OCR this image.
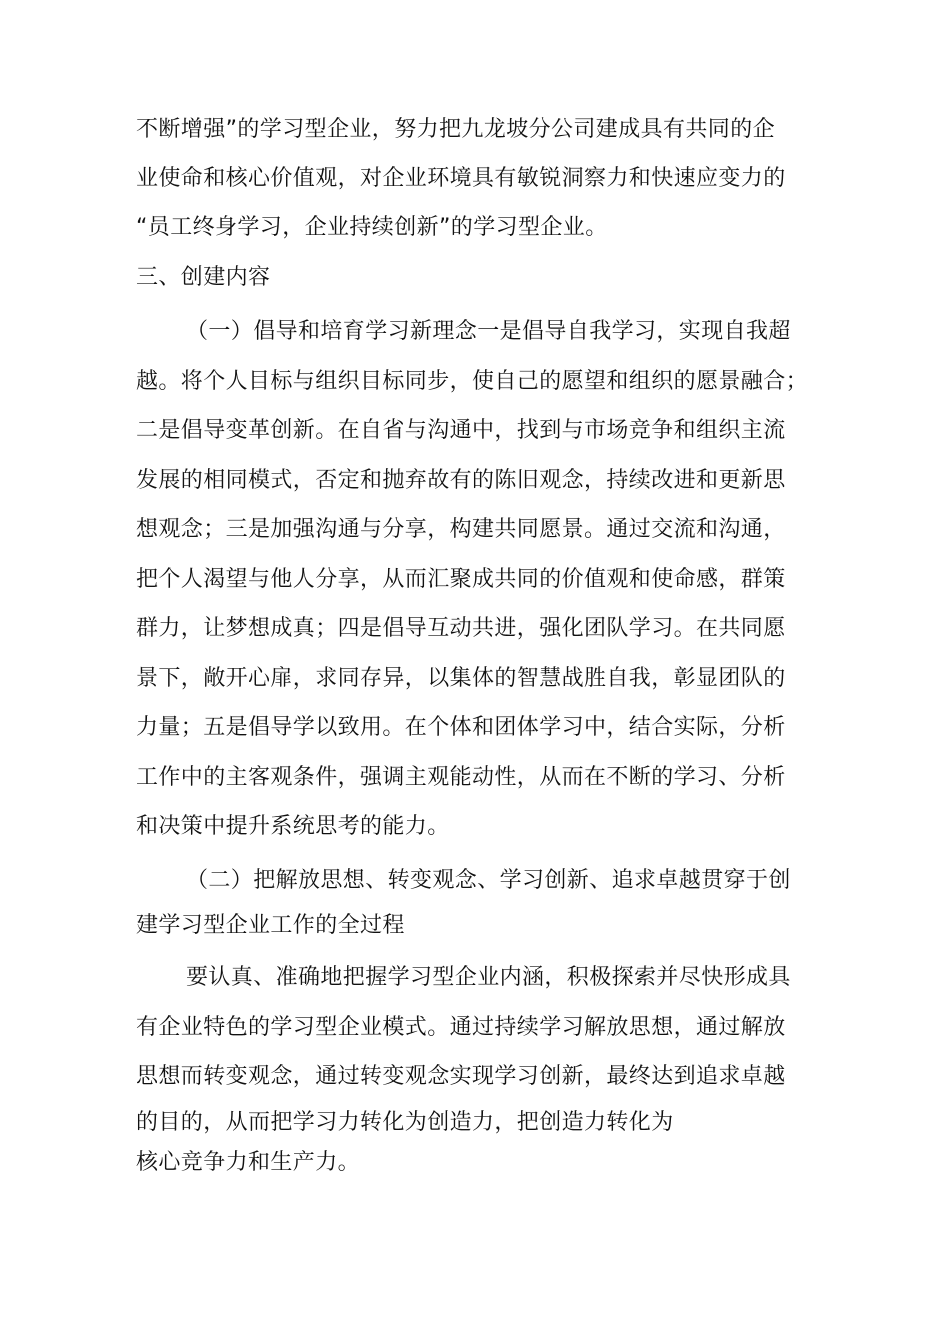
不断增强”的学习型企业，努力把九龙坡分公司建成具有共同的企
业使命和核心价值观，对企业环境具有敏锐洞察力和快速应变力的
“员工终身学习，企业持续创新”的学习型企业。
三、创建内容
（一）倡导和培育学习新理念一是倡导自我学习，实现自我超
越。将个人目标与组织目标同步，使自己的愿望和组织的愿景融合；
二是倡导变革创新。在自省与沟通中，找到与市场竞争和组织主流
发展的相同模式，否定和抛弃故有的陈旧观念，持续改进和更新思
想观念；三是加强沟通与分享，构建共同愿景。通过交流和沟通，
把个人渴望与他人分享，从而汇聚成共同的价值观和使命感，群策
群力，让梦想成真；四是倡导互动共进，强化团队学习。在共同愿
景下，敞开心扉，求同存异，以集体的智慧战胜自我，彰显团队的
力量；五是倡导学以致用。在个体和团体学习中，结合实际，分析
工作中的主客观条件，强调主观能动性，从而在不断的学习、分析
和决策中提升系统思考的能力。
（二）把解放思想、转变观念、学习创新、追求卓越贯穿于创
建学习型企业工作的全过程
要认真、准确地把握学习型企业内涵，积极探索并尽快形成具
有企业特色的学习型企业模式。通过持续学习解放思想，通过解放
思想而转变观念，通过转变观念实现学习创新，最终达到追求卓越
的目的，从而把学习力转化为创造力，把创造力转化为
核心竞争力和生产力。
